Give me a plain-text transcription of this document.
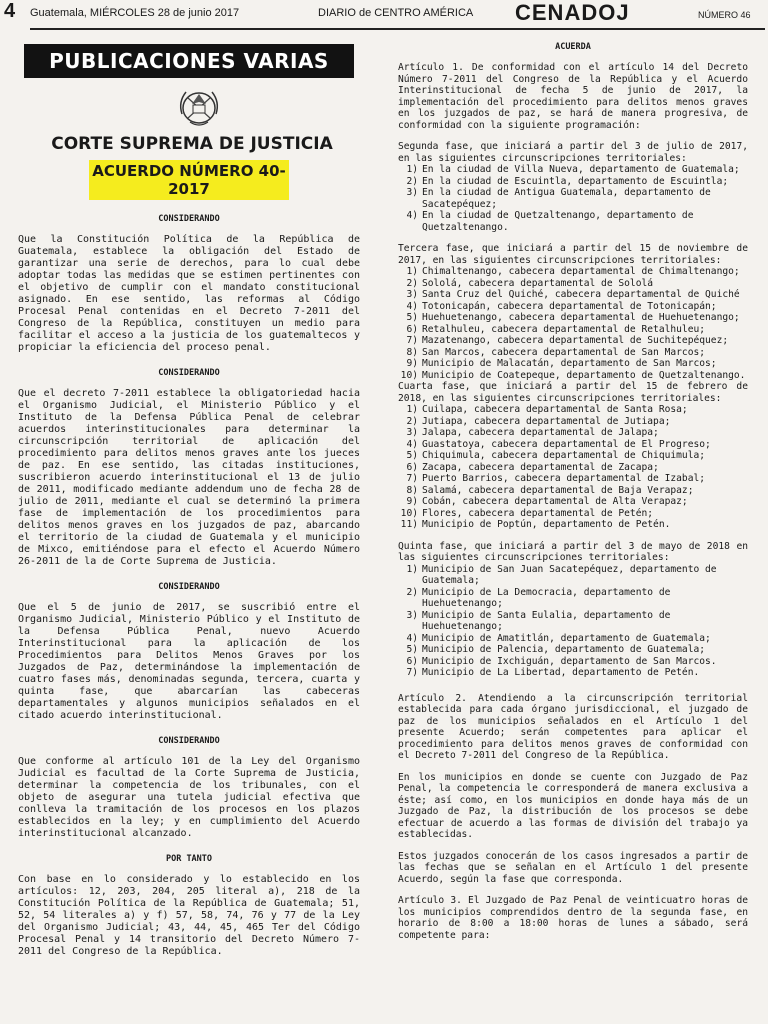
4 Guatemala, MIÉRCOLES 28 de junio 2017	DIARIO de CENTRO AMÉRICA CENADOJ	NÚMERO 46
PUBLICACIONES VARIAS
CORTE SUPREMA DE JUSTICIA
ACUERDO NÚMERO 40-2017
CONSIDERANDO

Que la Constitución Política de la República de Guatemala, establece la obligación del Estado de garantizar una serie de derechos, para lo cual debe adoptar todas las medidas que se estimen pertinentes con el objetivo de cumplir con el mandato constitucional asignado. En ese sentido, las reformas al Código Procesal Penal contenidas en el Decreto 7-2011 del Congreso de la República, constituyen un medio para facilitar el acceso a la justicia de los guatemaltecos y propiciar la eficiencia del proceso penal.

CONSIDERANDO

Que el decreto 7-2011 establece la obligatoriedad hacia el Organismo Judicial, el Ministerio Público y el Instituto de la Defensa Pública Penal de celebrar acuerdos interinstitucionales para determinar la circunscripción territorial de aplicación del procedimiento para delitos menos graves ante los jueces de paz. En ese sentido, las citadas instituciones, suscribieron acuerdo interinstitucional el 13 de julio de 2011, modificado mediante addendum uno de fecha 28 de julio de 2011, mediante el cual se determinó la primera fase de implementación de los procedimientos para delitos menos graves en los juzgados de paz, abarcando el territorio de la ciudad de Guatemala y el municipio de Mixco, emitiéndose para el efecto el Acuerdo Número 26-2011 de la de Corte Suprema de Justicia.

CONSIDERANDO

Que el 5 de junio de 2017, se suscribió entre el Organismo Judicial, Ministerio Público y el Instituto de la Defensa Pública Penal, nuevo Acuerdo Interinstitucional para la aplicación de los Procedimientos para Delitos Menos Graves por los Juzgados de Paz, determinándose la implementación de cuatro fases más, denominadas segunda, tercera, cuarta y quinta fase, que abarcarían las cabeceras departamentales y algunos municipios señalados en el citado acuerdo interinstitucional.

CONSIDERANDO

Que conforme al artículo 101 de la Ley del Organismo Judicial es facultad de la Corte Suprema de Justicia, determinar la competencia de los tribunales, con el objeto de asegurar una tutela judicial efectiva que conlleva la tramitación de los procesos en los plazos establecidos en la ley; y en cumplimiento del Acuerdo interinstitucional alcanzado.

POR TANTO

Con base en lo considerado y lo establecido en los artículos: 12, 203, 204, 205 literal a), 218 de la Constitución Política de la República de Guatemala; 51, 52, 54 literales a) y f) 57, 58, 74, 76 y 77 de la Ley del Organismo Judicial; 43, 44, 45, 465 Ter del Código Procesal Penal y 14 transitorio del Decreto Número 7-2011 del Congreso de la República.

ACUERDA

Artículo 1. De conformidad con el artículo 14 del Decreto Número 7-2011 del Congreso de la República y el Acuerdo Interinstitucional de fecha 5 de junio de 2017, la implementación del procedimiento para delitos menos graves en los juzgados de paz, se hará de manera progresiva, de conformidad con la siguiente programación:

Segunda fase, que iniciará a partir del 3 de julio de 2017, en las siguientes circunscripciones territoriales:

1) En la ciudad de Villa Nueva, departamento de Guatemala;
2) En la ciudad de Escuintla, departamento de Escuintla;
3) En la ciudad de Antigua Guatemala, departamento de Sacatepéquez;
4) En la ciudad de Quetzaltenango, departamento de Quetzaltenango.

Tercera fase, que iniciará a partir del 15 de noviembre de 2017, en las siguientes circunscripciones territoriales:

1) Chimaltenango, cabecera departamental de Chimaltenango;
2) Sololá, cabecera departamental de Sololá
3) Santa Cruz del Quiché, cabecera departamental de Quiché
4) Totonicapán, cabecera departamental de Totonicapán;
5) Huehuetenango, cabecera departamental de Huehuetenango;
6) Retalhuleu, cabecera departamental de Retalhuleu;
7) Mazatenango, cabecera departamental de Suchitepéquez;
8) San Marcos, cabecera departamental de San Marcos;
9) Municipio de Malacatán, departamento de San Marcos;
10) Municipio de Coatepeque, departamento de Quetzaltenango.

Cuarta fase, que iniciará a partir del 15 de febrero de 2018, en las siguientes circunscripciones territoriales:

1) Cuilapa, cabecera departamental de Santa Rosa;
2) Jutiapa, cabecera departamental de Jutiapa;
3) Jalapa, cabecera departamental de Jalapa;
4) Guastatoya, cabecera departamental de El Progreso;
5) Chiquimula, cabecera departamental de Chiquimula;
6) Zacapa, cabecera departamental de Zacapa;
7) Puerto Barrios, cabecera departamental de Izabal;
8) Salamá, cabecera departamental de Baja Verapaz;
9) Cobán, cabecera departamental de Alta Verapaz;
10) Flores, cabecera departamental de Petén;
11) Municipio de Poptún, departamento de Petén.

Quinta fase, que iniciará a partir del 3 de mayo de 2018 en las siguientes circunscripciones territoriales:

1) Municipio de San Juan Sacatepéquez, departamento de Guatemala;
2) Municipio de La Democracia, departamento de Huehuetenango;
3) Municipio de Santa Eulalia, departamento de Huehuetenango;
4) Municipio de Amatitlán, departamento de Guatemala;
5) Municipio de Palencia, departamento de Guatemala;
6) Municipio de Ixchiguán, departamento de San Marcos.
7) Municipio de La Libertad, departamento de Petén.

Artículo 2. Atendiendo a la circunscripción territorial establecida para cada órgano jurisdiccional, el juzgado de paz de los municipios señalados en el Artículo 1 del presente Acuerdo; serán competentes para aplicar el procedimiento para delitos menos graves de conformidad con el Decreto 7-2011 del Congreso de la República.

En los municipios en donde se cuente con Juzgado de Paz Penal, la competencia le corresponderá de manera exclusiva a éste; así como, en los municipios en donde haya más de un Juzgado de Paz, la distribución de los procesos se debe efectuar de acuerdo a las formas de división del trabajo ya establecidas.

Estos juzgados conocerán de los casos ingresados a partir de las fechas que se señalan en el Artículo 1 del presente Acuerdo, según la fase que corresponda.

Artículo 3. El Juzgado de Paz Penal de veinticuatro horas de los municipios comprendidos dentro de la segunda fase, en horario de 8:00 a 18:00 horas de lunes a sábado, será competente para:
